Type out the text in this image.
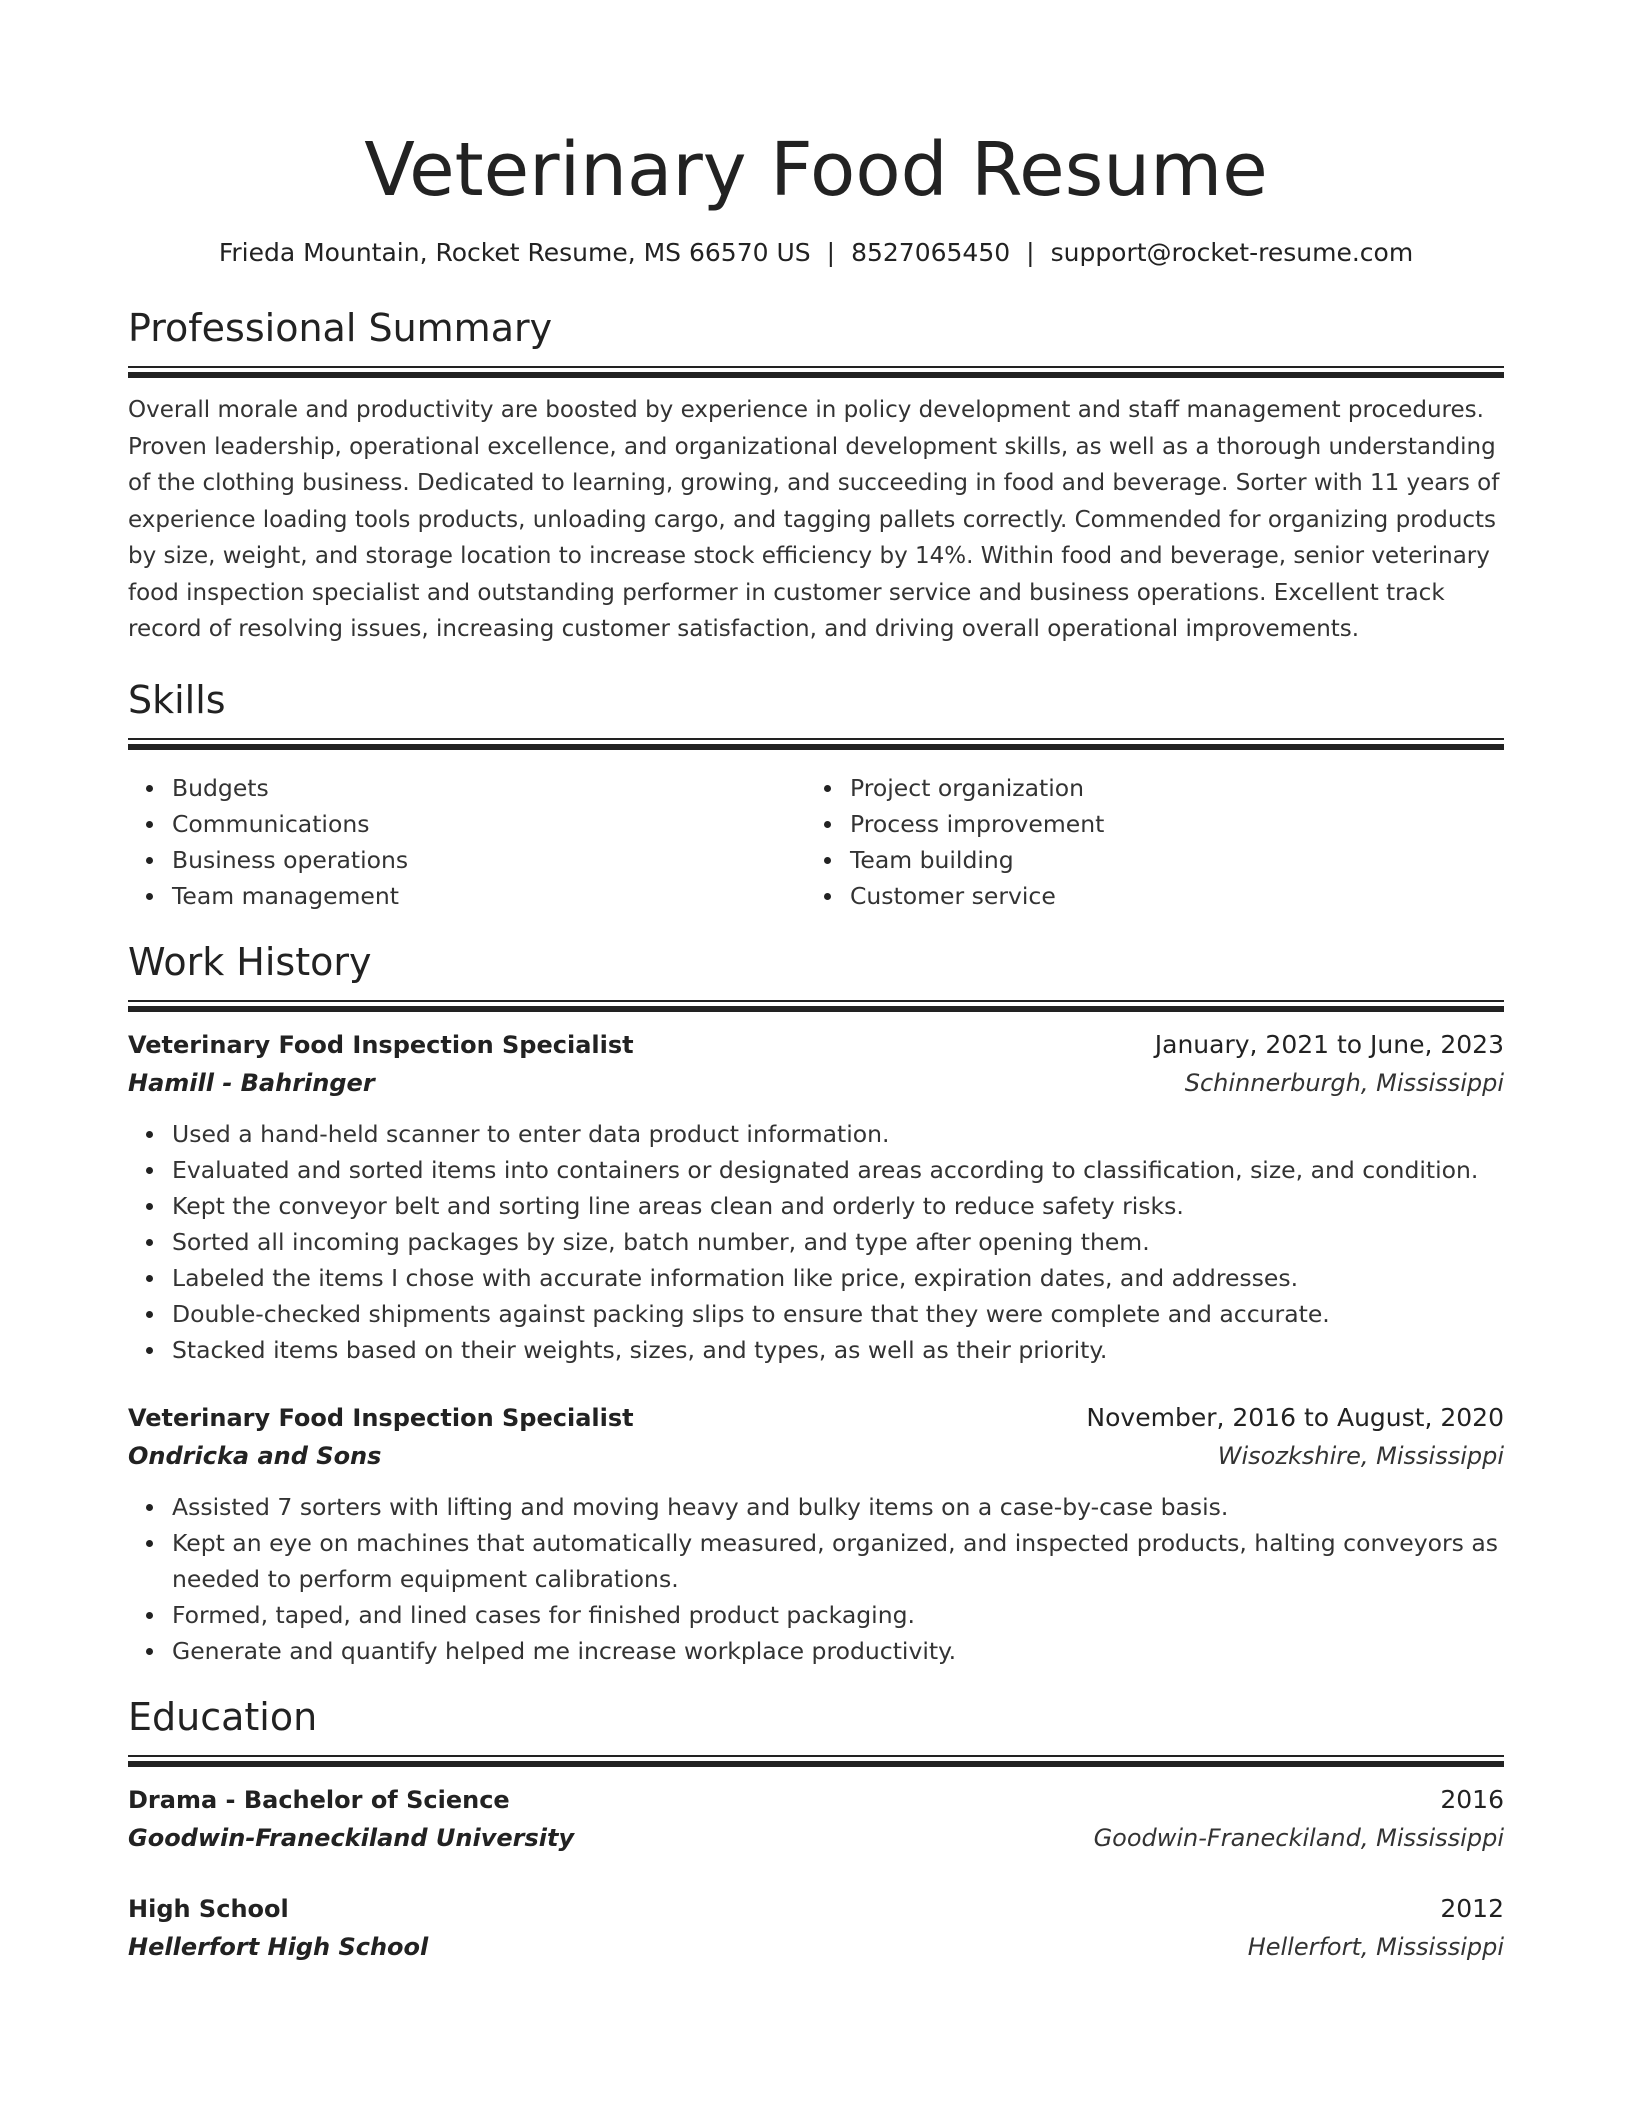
Veterinary Food Resume
Frieda Mountain, Rocket Resume, MS 66570 US | 8527065450 | support@rocket-resume.com
Professional Summary
Overall morale and productivity are boosted by experience in policy development and staff management procedures. Proven leadership, operational excellence, and organizational development skills, as well as a thorough understanding of the clothing business. Dedicated to learning, growing, and succeeding in food and beverage. Sorter with 11 years of experience loading tools products, unloading cargo, and tagging pallets correctly. Commended for organizing products by size, weight, and storage location to increase stock efficiency by 14%. Within food and beverage, senior veterinary food inspection specialist and outstanding performer in customer service and business operations. Excellent track record of resolving issues, increasing customer satisfaction, and driving overall operational improvements.
Skills
Budgets
Communications
Business operations
Team management
Project organization
Process improvement
Team building
Customer service
Work History
Veterinary Food Inspection Specialist	January, 2021 to June, 2023
Hamill - Bahringer	Schinnerburgh, Mississippi
Used a hand-held scanner to enter data product information.
Evaluated and sorted items into containers or designated areas according to classification, size, and condition.
Kept the conveyor belt and sorting line areas clean and orderly to reduce safety risks.
Sorted all incoming packages by size, batch number, and type after opening them.
Labeled the items I chose with accurate information like price, expiration dates, and addresses.
Double-checked shipments against packing slips to ensure that they were complete and accurate.
Stacked items based on their weights, sizes, and types, as well as their priority.
Veterinary Food Inspection Specialist	November, 2016 to August, 2020
Ondricka and Sons	Wisozkshire, Mississippi
Assisted 7 sorters with lifting and moving heavy and bulky items on a case-by-case basis.
Kept an eye on machines that automatically measured, organized, and inspected products, halting conveyors as needed to perform equipment calibrations.
Formed, taped, and lined cases for finished product packaging.
Generate and quantify helped me increase workplace productivity.
Education
Drama - Bachelor of Science	2016
Goodwin-Franeckiland University	Goodwin-Franeckiland, Mississippi
High School	2012
Hellerfort High School	Hellerfort, Mississippi
